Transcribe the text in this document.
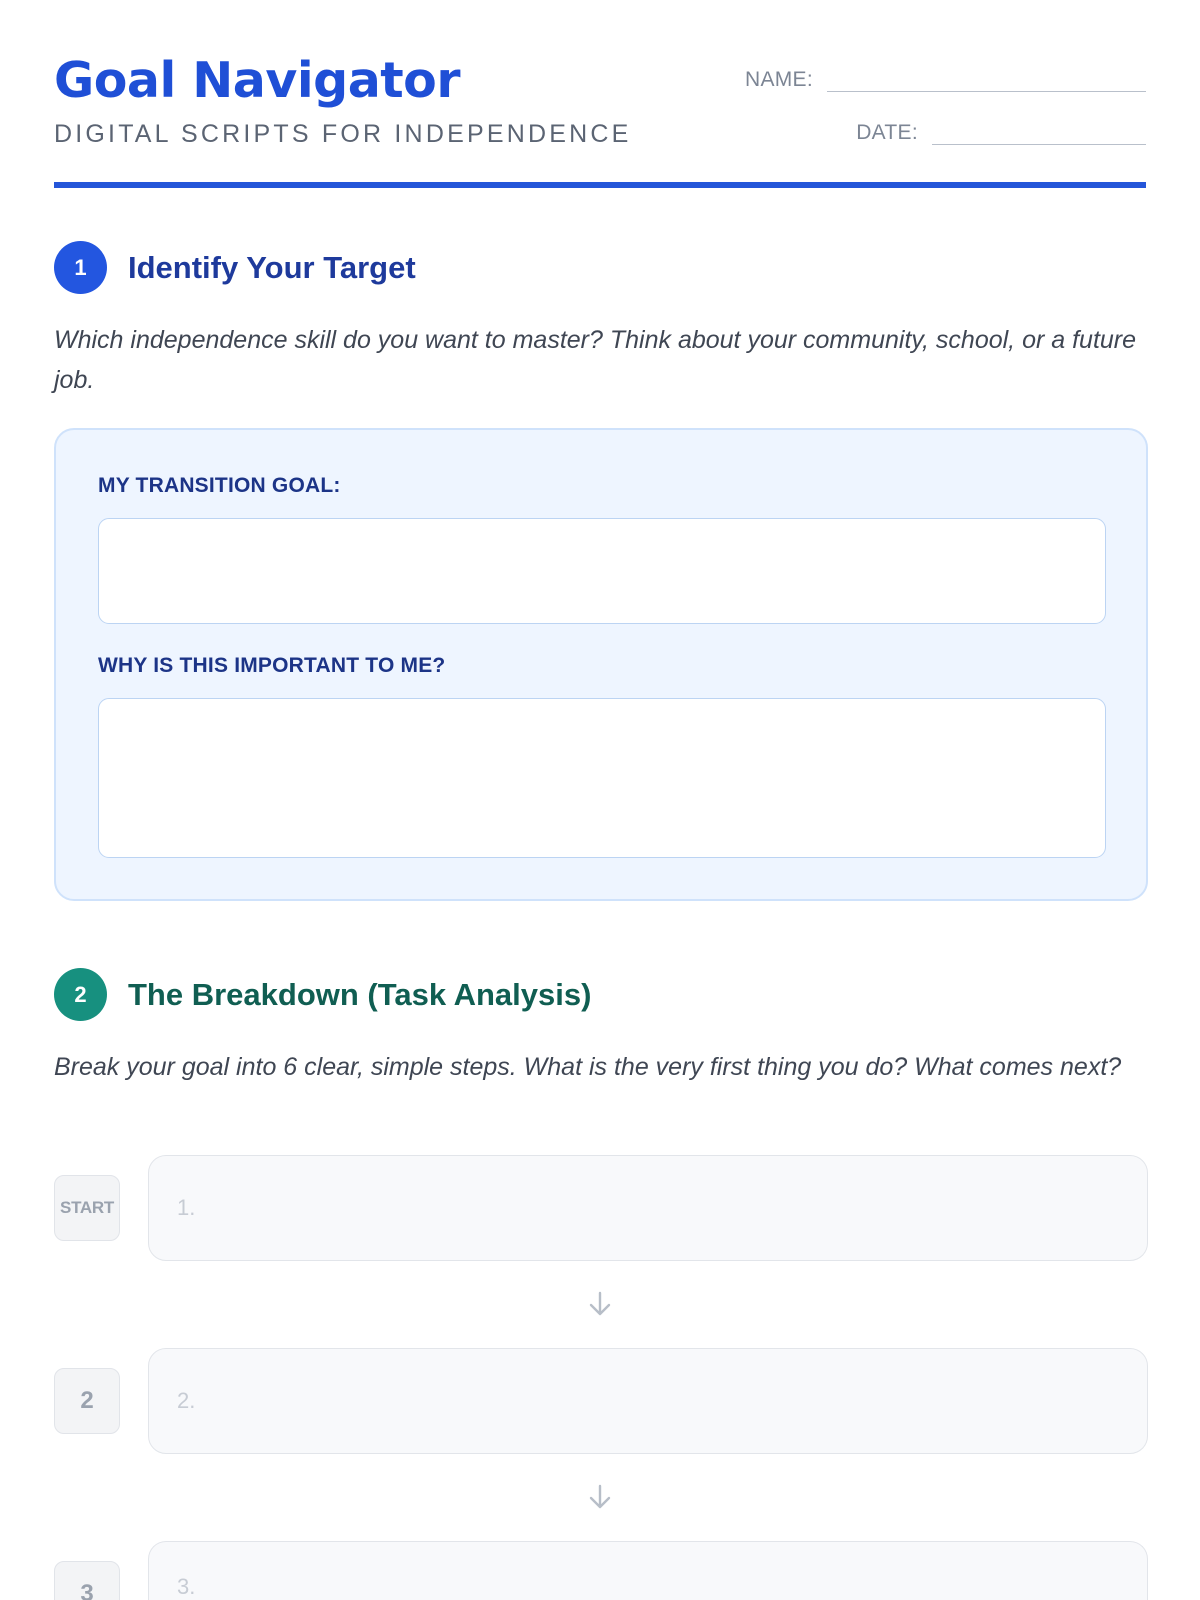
Goal Navigator
DIGITAL SCRIPTS FOR INDEPENDENCE
NAME:
DATE:
1	Identify Your Target
Which independence skill do you want to master? Think about your community, school, or a future job.
MY TRANSITION GOAL:
WHY IS THIS IMPORTANT TO ME?
2	The Breakdown (Task Analysis)
Break your goal into 6 clear, simple steps. What is the very first thing you do? What comes next?
START	1.
2	2.
3	3.
